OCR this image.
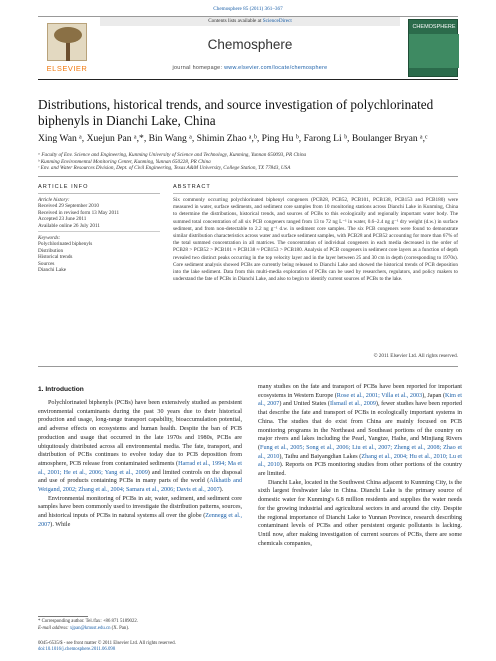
Chemosphere 85 (2011) 361–367
ELSEVIER
Contents lists available at ScienceDirect
Chemosphere
journal homepage: www.elsevier.com/locate/chemosphere
CHEMOSPHERE
Distributions, historical trends, and source investigation of polychlorinated biphenyls in Dianchi Lake, China
Xing Wan ᵃ, Xuejun Pan ᵃ,*, Bin Wang ᵃ, Shimin Zhao ᵃ,ᵇ, Ping Hu ᵇ, Farong Li ᵇ, Boulanger Bryan ᵃ,ᶜ
ᵃ Faculty of Env. Science and Engineering, Kunming University of Science and Technology, Kunming, Yunnan 650093, PR China
ᵇ Kunming Environmental Monitoring Center, Kunming, Yunnan 650228, PR China
ᶜ Env. and Water Resources Division, Dept. of Civil Engineering, Texas A&M University, College Station, TX 77843, USA
ARTICLE INFO	ABSTRACT
Article history:
Received 29 September 2010
Received in revised form 13 May 2011
Accepted 23 June 2011
Available online 26 July 2011
Keywords:
Polychlorinated biphenyls
Distribution
Historical trends
Sources
Dianchi Lake
Six commonly occurring polychlorinated biphenyl congeners (PCB28, PCB52, PCB101, PCB138, PCB153 and PCB180) were measured in water, surface sediments, and sediment core samples from 10 monitoring stations across Dianchi Lake in Kunming, China to determine the distributions, historical trends, and sources of PCBs to this ecologically and regionally important water body. The summed total concentration of all six PCB congeners ranged from 13 to 72 ng L⁻¹ in water, 0.6–2.4 ng g⁻¹ dry weight (d.w.) in surface sediment, and from non-detectable to 2.2 ng g⁻¹ d.w. in sediment core samples. The six PCB congeners were found to demonstrate similar distribution characteristics across water and surface sediment samples, with PCB28 and PCB52 accounting for more than 67% of the total summed concentration in all matrices. The concentration of individual congeners in each media decreased in the order of PCB28 > PCB52 > PCB101 ≈ PCB138 ≈ PCB153 > PCB180. Analysis of PCB congeners in sediment core layers as a function of depth revealed two distinct peaks occurring in the top velocity layer and in the layer between 25 and 30 cm in depth (corresponding to 1970s). Core sediment analysis showed PCBs are currently being released to Dianchi Lake and showed the historical trends of PCB deposition into the lake sediment. Data from this multi-media exploration of PCBs can be used by researchers, regulators, and policy makers to understand the fate of PCBs in Dianchi Lake, and also to begin to identify current sources of PCBs to the lake.
© 2011 Elsevier Ltd. All rights reserved.
1. Introduction

Polychlorinated biphenyls (PCBs) have been extensively studied as persistent environmental contaminants during the past 30 years due to their historical production and usage, long-range transport capability, bioaccumulation potential, and adverse effects on ecosystems and human health. Despite the ban of PCB production and usage that occurred in the late 1970s and 1980s, PCBs are ubiquitously distributed across all environmental media. The fate, transport, and distribution of PCBs continues to evolve today due to PCB deposition from atmosphere, PCB release from contaminated sediments (Harrad et al., 1994; Ma et al., 2001; He et al., 2006; Yang et al., 2009) and limited controls on the disposal and use of products containing PCBs in many parts of the world (Alkhatib and Weigand, 2002; Zhang et al., 2004; Samara et al., 2006; Davis et al., 2007).

Environmental monitoring of PCBs in air, water, sediment, and sediment core samples have been commonly used to investigate the distribution patterns, sources, and historical inputs of PCBs in natural systems all over the globe (Zennegg et al., 2007). While

many studies on the fate and transport of PCBs have been reported for important ecosystems in Western Europe (Rose et al., 2001; Villa et al., 2003), Japan (Kim et al., 2007) and United States (Ilsmail et al., 2009), fewer studies have been reported that describe the fate and transport of PCBs in ecologically important systems in China. The studies that do exist from China are mainly focused on PCB monitoring programs in the Northeast and Southeast portions of the country on major rivers and lakes including the Pearl, Yangtze, Haihe, and Minjiang Rivers (Fung et al., 2005; Song et al., 2006; Liu et al., 2007; Zheng et al., 2008; Zhao et al., 2010), Taihu and Baiyangdian Lakes (Zhang et al., 2004; Hu et al., 2010; Lu et al., 2010). Reports on PCB monitoring studies from other portions of the country are limited.

Dianchi Lake, located in the Southwest China adjacent to Kunming City, is the sixth largest freshwater lake in China. Dianchi Lake is the primary source of domestic water for Kunming's 6.8 million residents and supplies the water needs for the growing industrial and agricultural sectors in and around the city. Despite the regional importance of Dianchi Lake to Yunnan Province, research describing contaminant levels of PCBs and other persistent organic pollutants is lacking. Until now, after making investigation of current sources of PCBs, there are some chemicals companies,

* Corresponding author. Tel./fax: +86 871 5189022.
E-mail address: xjpan@kmust.edu.cn (X. Pan).
0045-6535/$ - see front matter © 2011 Elsevier Ltd. All rights reserved.
doi:10.1016/j.chemosphere.2011.06.098
